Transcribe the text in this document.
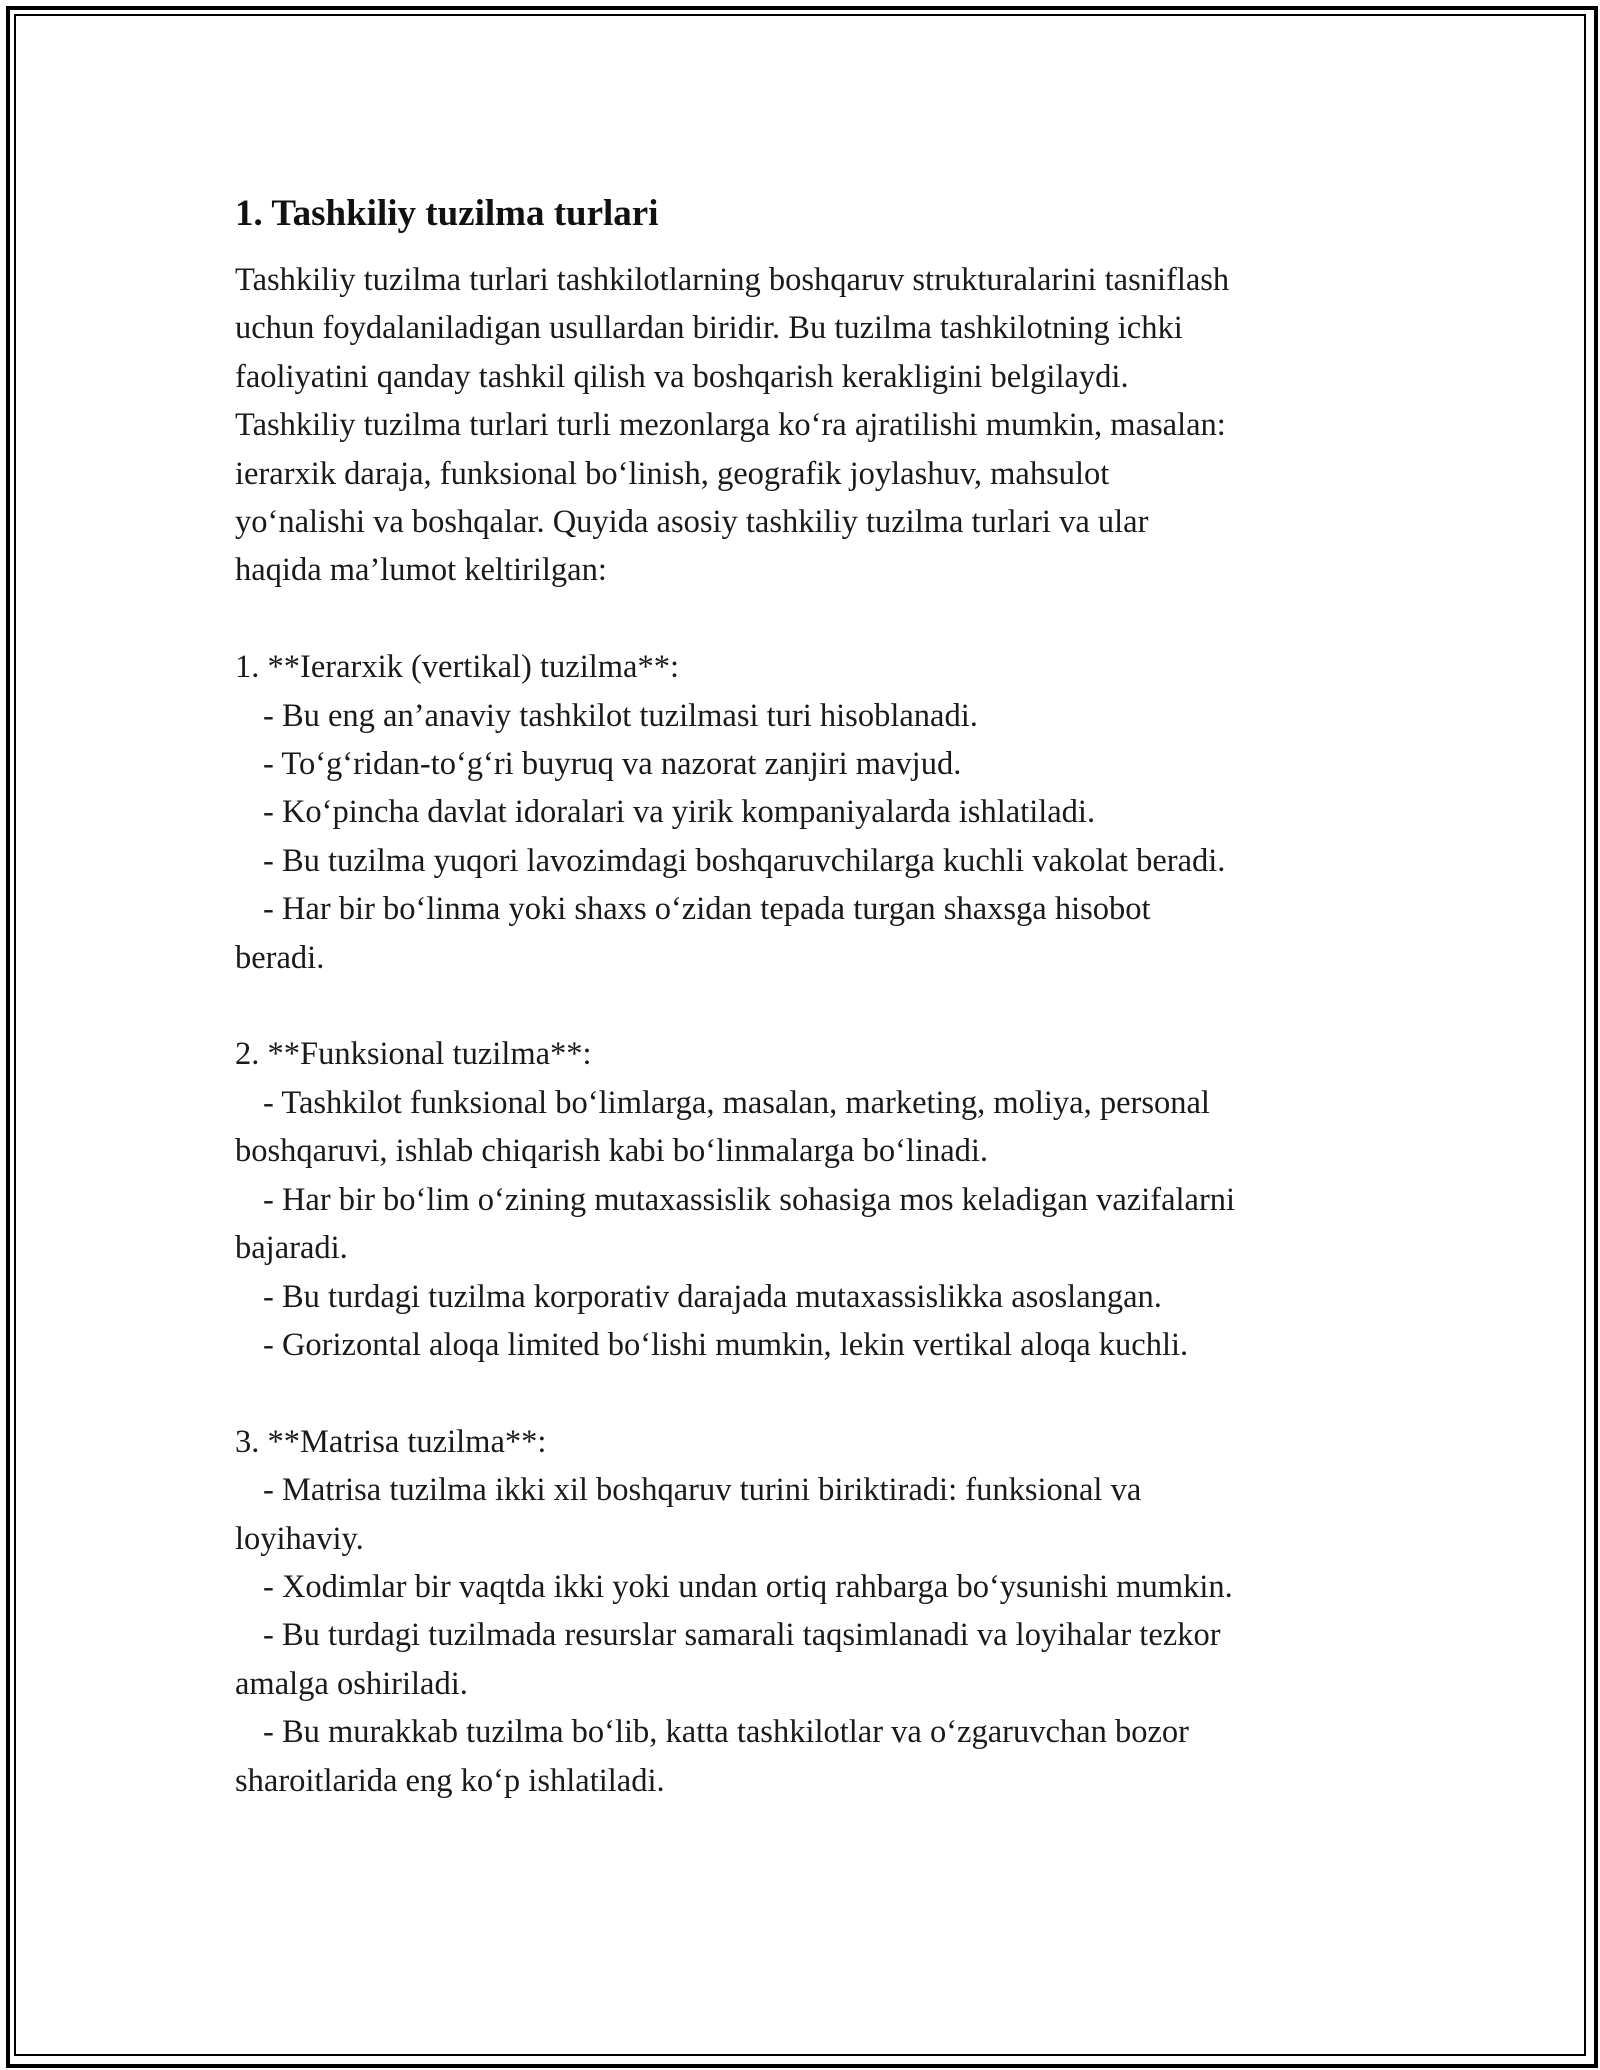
1. Tashkiliy tuzilma turlari

Tashkiliy tuzilma turlari tashkilotlarning boshqaruv strukturalarini tasniflash
uchun foydalaniladigan usullardan biridir. Bu tuzilma tashkilotning ichki
faoliyatini qanday tashkil qilish va boshqarish kerakligini belgilaydi.
Tashkiliy tuzilma turlari turli mezonlarga ko‘ra ajratilishi mumkin, masalan:
ierarxik daraja, funksional bo‘linish, geografik joylashuv, mahsulot
yo‘nalishi va boshqalar. Quyida asosiy tashkiliy tuzilma turlari va ular
haqida ma’lumot keltirilgan:

1. **Ierarxik (vertikal) tuzilma**:

- Bu eng an’anaviy tashkilot tuzilmasi turi hisoblanadi.

- To‘g‘ridan-to‘g‘ri buyruq va nazorat zanjiri mavjud.

- Ko‘pincha davlat idoralari va yirik kompaniyalarda ishlatiladi.

- Bu tuzilma yuqori lavozimdagi boshqaruvchilarga kuchli vakolat beradi.

- Har bir bo‘linma yoki shaxs o‘zidan tepada turgan shaxsga hisobot
beradi.

2. **Funksional tuzilma**:

- Tashkilot funksional bo‘limlarga, masalan, marketing, moliya, personal
boshqaruvi, ishlab chiqarish kabi bo‘linmalarga bo‘linadi.

- Har bir bo‘lim o‘zining mutaxassislik sohasiga mos keladigan vazifalarni
bajaradi.

- Bu turdagi tuzilma korporativ darajada mutaxassislikka asoslangan.

- Gorizontal aloqa limited bo‘lishi mumkin, lekin vertikal aloqa kuchli.

3. **Matrisa tuzilma**:

- Matrisa tuzilma ikki xil boshqaruv turini biriktiradi: funksional va
loyihaviy.

- Xodimlar bir vaqtda ikki yoki undan ortiq rahbarga bo‘ysunishi mumkin.

- Bu turdagi tuzilmada resurslar samarali taqsimlanadi va loyihalar tezkor
amalga oshiriladi.

- Bu murakkab tuzilma bo‘lib, katta tashkilotlar va o‘zgaruvchan bozor
sharoitlarida eng ko‘p ishlatiladi.
